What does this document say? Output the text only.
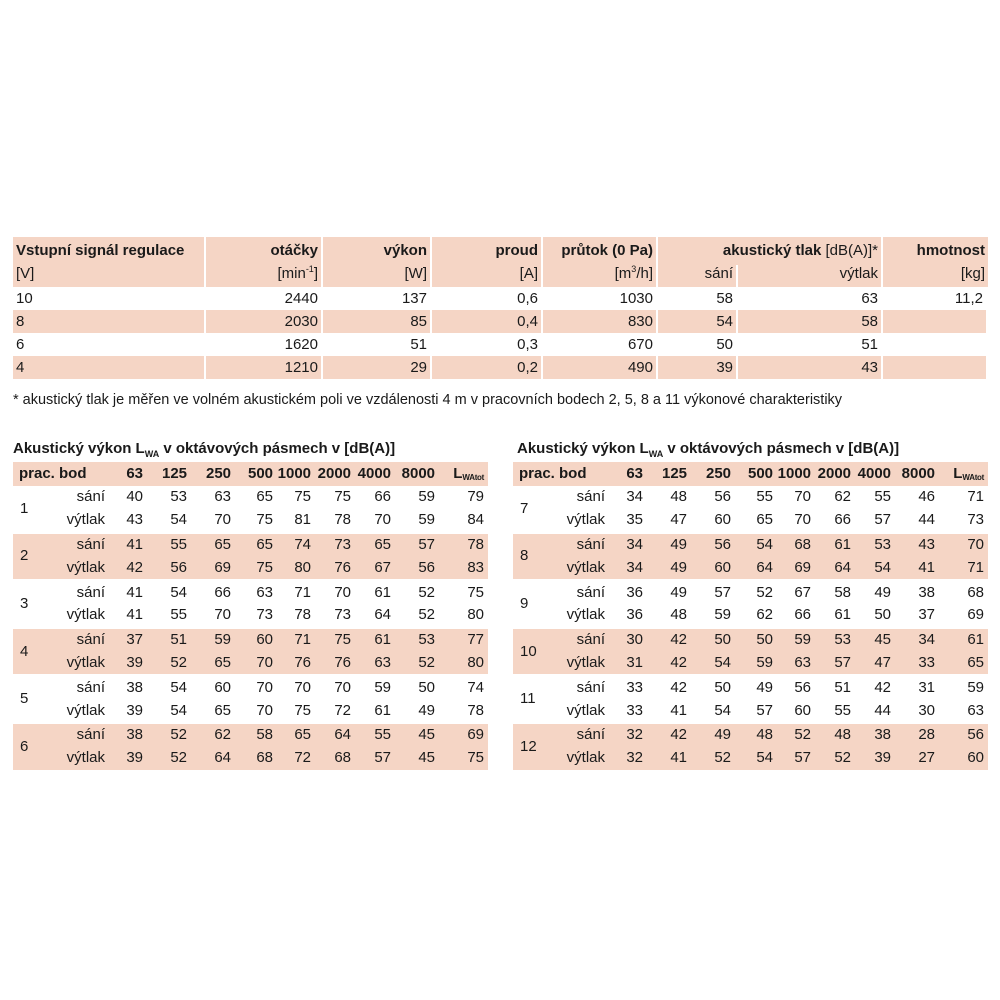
Vstupní signál regulace	otáčky	výkon	proud	průtok (0 Pa)	akustický tlak [dB(A)]*		hmotnost
[V]	$[\min^{-1}]$	[W]	[A]	$[m^3/h]$	sání	výtlak	[kg]
10	2440	137	0,6	1030	58	63	11,2
8	2030	85	0,4	830	54	58	
6	1620	51	0,3	670	50	51	
4	1210	29	0,2	490	39	43	
* akustický tlak je měřen ve volném akustickém poli ve vzdálenosti 4 m v pracovních bodech 2, 5, 8 a 11 výkonové charakteristiky
Akustický výkon $L_{WA}$ v oktávových pásmech v [dB(A)]	Akustický výkon $L_{WA}$ v oktávových pásmech v [dB(A)]
prac. bod		63	125	250	500	1000	2000	4000	8000	LWAtot
1	sání	40	53	63	65	75	75	66	59	79
	výtlak	43	54	70	75	81	78	70	59	84
2	sání	41	55	65	65	74	73	65	57	78
	výtlak	42	56	69	75	80	76	67	56	83
3	sání	41	54	66	63	71	70	61	52	75
	výtlak	41	55	70	73	78	73	64	52	80
4	sání	37	51	59	60	71	75	61	53	77
	výtlak	39	52	65	70	76	76	63	52	80
5	sání	38	54	60	70	70	70	59	50	74
	výtlak	39	54	65	70	75	72	61	49	78
6	sání	38	52	62	58	65	64	55	45	69
	výtlak	39	52	64	68	72	68	57	45	75
prac. bod		63	125	250	500	1000	2000	4000	8000	LWAtot
7	sání	34	48	56	55	70	62	55	46	71
	výtlak	35	47	60	65	70	66	57	44	73
8	sání	34	49	56	54	68	61	53	43	70
	výtlak	34	49	60	64	69	64	54	41	71
9	sání	36	49	57	52	67	58	49	38	68
	výtlak	36	48	59	62	66	61	50	37	69
10	sání	30	42	50	50	59	53	45	34	61
	výtlak	31	42	54	59	63	57	47	33	65
11	sání	33	42	50	49	56	51	42	31	59
	výtlak	33	41	54	57	60	55	44	30	63
12	sání	32	42	49	48	52	48	38	28	56
	výtlak	32	41	52	54	57	52	39	27	60
